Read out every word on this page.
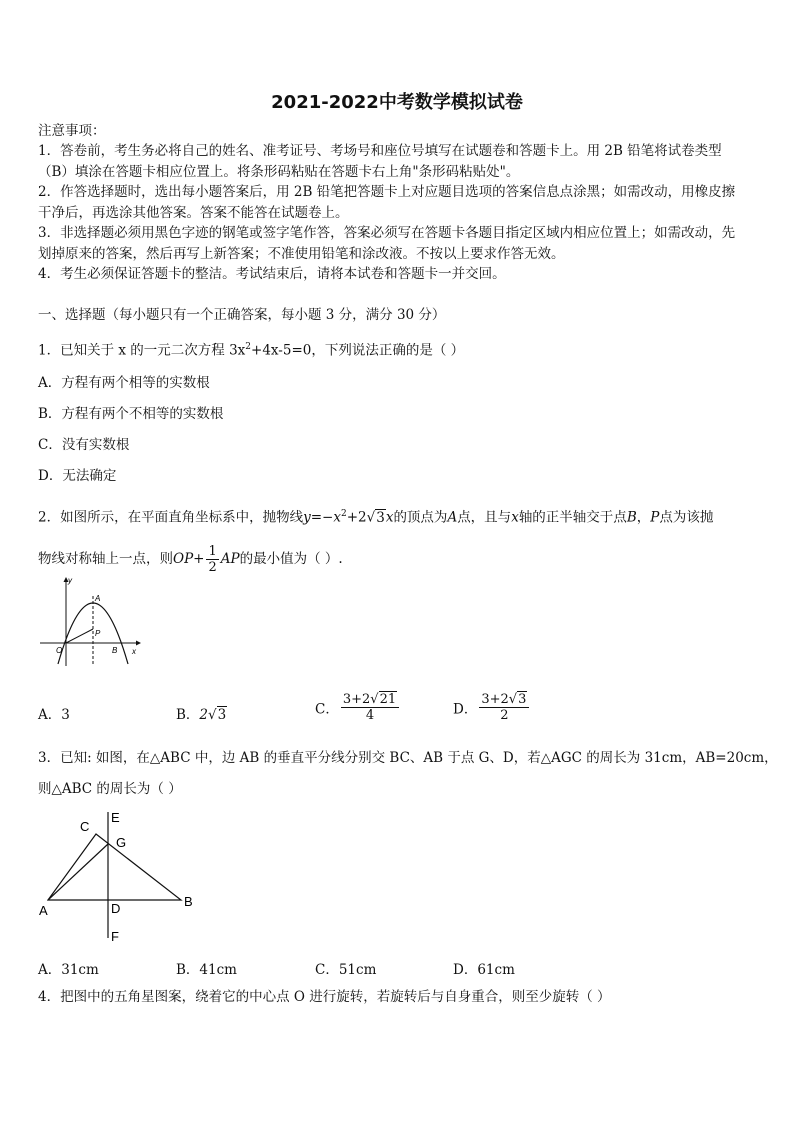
2021-2022中考数学模拟试卷
注意事项：
1．答卷前，考生务必将自己的姓名、准考证号、考场号和座位号填写在试题卷和答题卡上。用 2B 铅笔将试卷类型
（B）填涂在答题卡相应位置上。将条形码粘贴在答题卡右上角"条形码粘贴处"。
2．作答选择题时，选出每小题答案后，用 2B 铅笔把答题卡上对应题目选项的答案信息点涂黑；如需改动，用橡皮擦
干净后，再选涂其他答案。答案不能答在试题卷上。
3．非选择题必须用黑色字迹的钢笔或签字笔作答，答案必须写在答题卡各题目指定区域内相应位置上；如需改动，先
划掉原来的答案，然后再写上新答案；不准使用铅笔和涂改液。不按以上要求作答无效。
4．考生必须保证答题卡的整洁。考试结束后，请将本试卷和答题卡一并交回。
一、选择题（每小题只有一个正确答案，每小题 3 分，满分 30 分）
1．已知关于 x 的一元二次方程 $3x^2+4x-5=0$，下列说法正确的是（ ）
A．方程有两个相等的实数根
B．方程有两个不相等的实数根
C．没有实数根
D．无法确定
2．如图所示，在平面直角坐标系中，抛物线$y=-x^2+2√3x$的顶点为A点，且与x轴的正半轴交于点B，P点为该抛
物线对称轴上一点，则$OP+ \frac{1}{2}$ AP的最小值为（ ）.
y
x
O
A
P
B
A．3	B．2√3	C． $\frac{3+2√21}{4}$	D． $\frac{3+2√3}{2}$
3．已知: 如图，在△ABC 中，边 AB 的垂直平分线分别交 BC、AB 于点 G、D，若△AGC 的周长为 31cm，AB=20cm，
则△ABC 的周长为（ ）
E
C
G
A	D	B
F
A．31cm	B．41cm	C．51cm	D．61cm
4．把图中的五角星图案，绕着它的中心点 O 进行旋转，若旋转后与自身重合，则至少旋转（ ）
